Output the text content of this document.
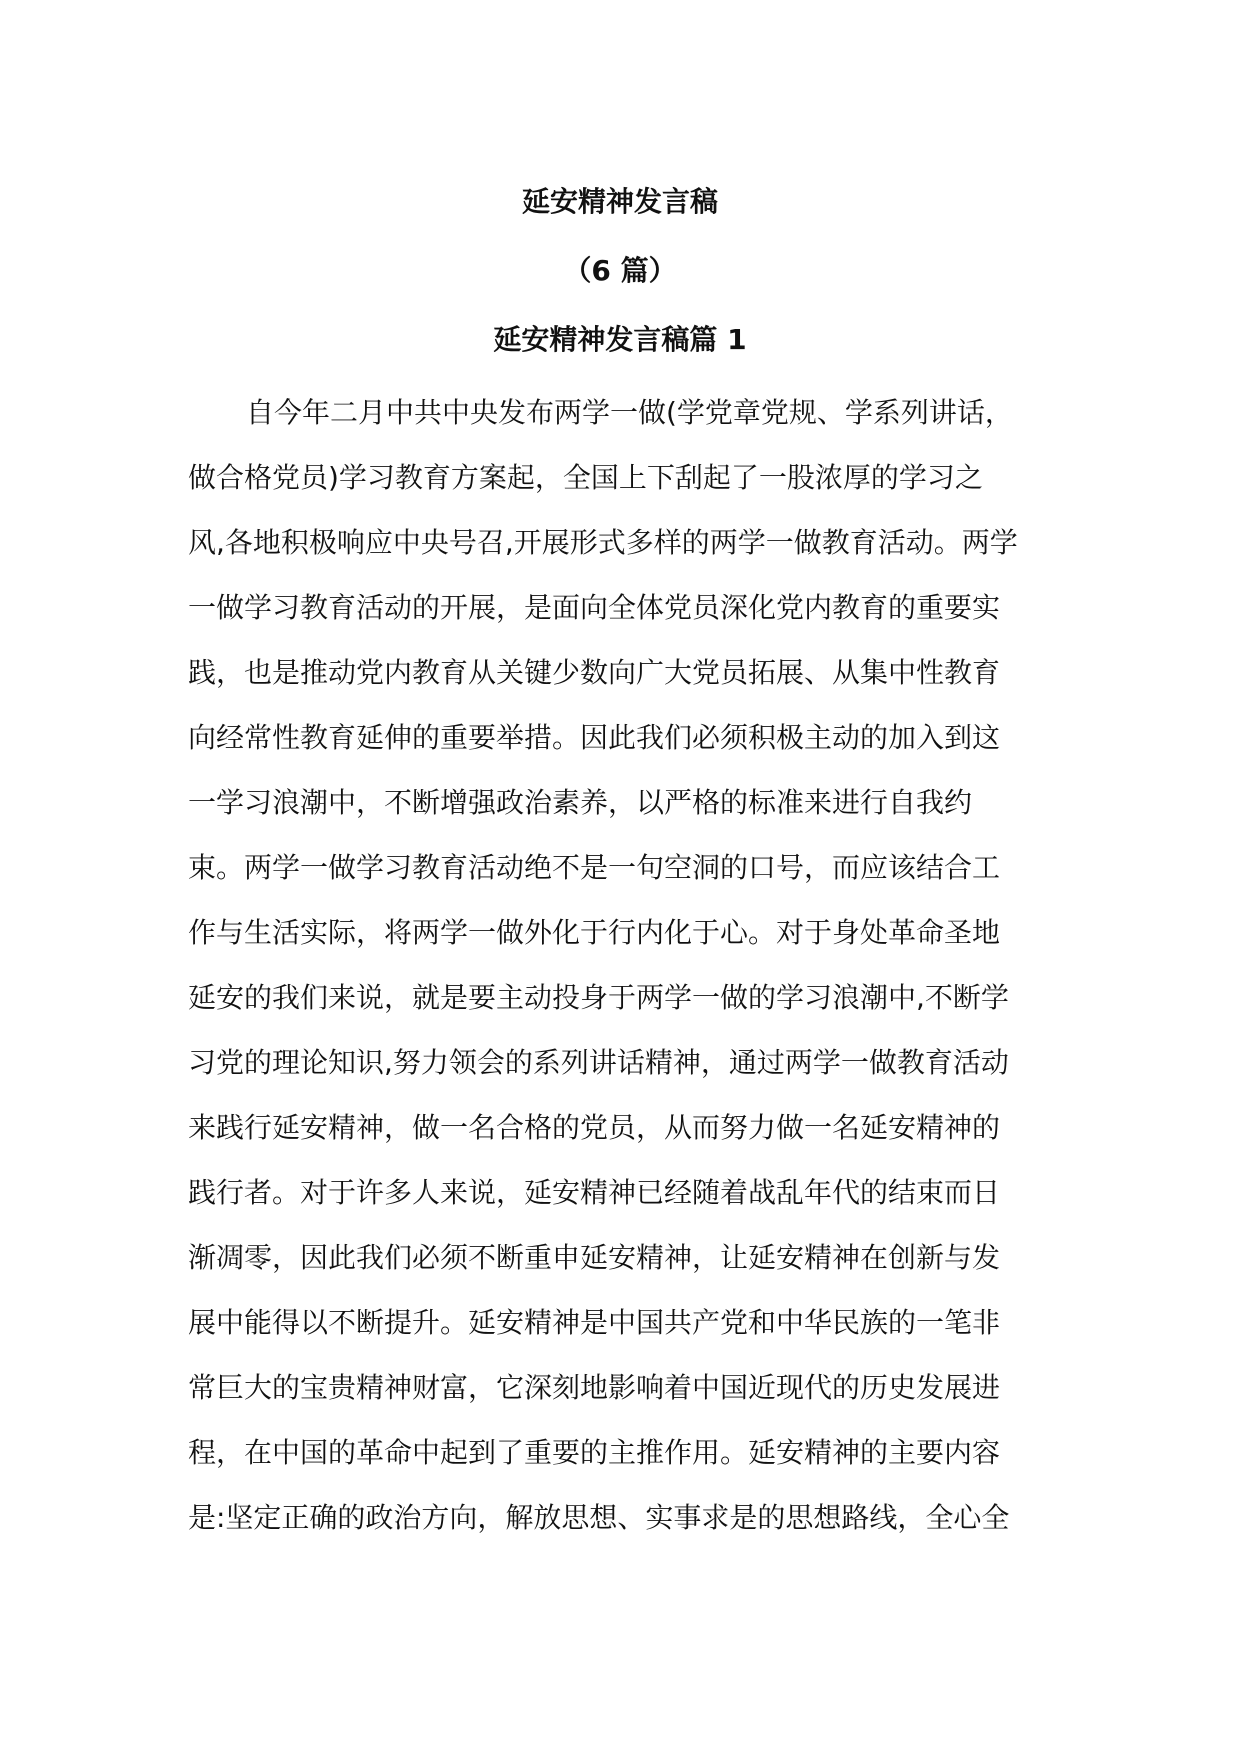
延安精神发言稿
（6 篇）
延安精神发言稿篇 1
自今年二月中共中央发布两学一做(学党章党规、学系列讲话，
做合格党员)学习教育方案起，全国上下刮起了一股浓厚的学习之
风,各地积极响应中央号召,开展形式多样的两学一做教育活动。两学
一做学习教育活动的开展，是面向全体党员深化党内教育的重要实
践，也是推动党内教育从关键少数向广大党员拓展、从集中性教育
向经常性教育延伸的重要举措。因此我们必须积极主动的加入到这
一学习浪潮中，不断增强政治素养，以严格的标准来进行自我约
束。两学一做学习教育活动绝不是一句空洞的口号，而应该结合工
作与生活实际，将两学一做外化于行内化于心。对于身处革命圣地
延安的我们来说，就是要主动投身于两学一做的学习浪潮中,不断学
习党的理论知识,努力领会的系列讲话精神，通过两学一做教育活动
来践行延安精神，做一名合格的党员，从而努力做一名延安精神的
践行者。对于许多人来说，延安精神已经随着战乱年代的结束而日
渐凋零，因此我们必须不断重申延安精神，让延安精神在创新与发
展中能得以不断提升。延安精神是中国共产党和中华民族的一笔非
常巨大的宝贵精神财富，它深刻地影响着中国近现代的历史发展进
程，在中国的革命中起到了重要的主推作用。延安精神的主要内容
是:坚定正确的政治方向，解放思想、实事求是的思想路线，全心全
